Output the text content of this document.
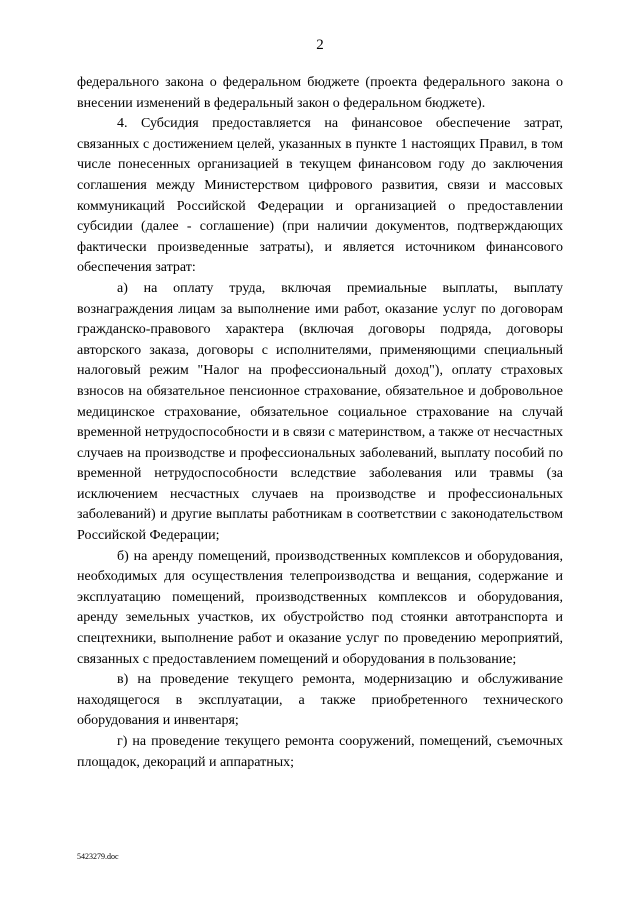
2

федерального закона о федеральном бюджете (проекта федерального закона о внесении изменений в федеральный закон о федеральном бюджете).

4. Субсидия предоставляется на финансовое обеспечение затрат, связанных с достижением целей, указанных в пункте 1 настоящих Правил, в том числе понесенных организацией в текущем финансовом году до заключения соглашения между Министерством цифрового развития, связи и массовых коммуникаций Российской Федерации и организацией о предоставлении субсидии (далее - соглашение) (при наличии документов, подтверждающих фактически произведенные затраты), и является источником финансового обеспечения затрат:

а) на оплату труда, включая премиальные выплаты, выплату вознаграждения лицам за выполнение ими работ, оказание услуг по договорам гражданско-правового характера (включая договоры подряда, договоры авторского заказа, договоры с исполнителями, применяющими специальный налоговый режим "Налог на профессиональный доход"), оплату страховых взносов на обязательное пенсионное страхование, обязательное и добровольное медицинское страхование, обязательное социальное страхование на случай временной нетрудоспособности и в связи с материнством, а также от несчастных случаев на производстве и профессиональных заболеваний, выплату пособий по временной нетрудоспособности вследствие заболевания или травмы (за исключением несчастных случаев на производстве и профессиональных заболеваний) и другие выплаты работникам в соответствии с законодательством Российской Федерации;

б) на аренду помещений, производственных комплексов и оборудования, необходимых для осуществления телепроизводства и вещания, содержание и эксплуатацию помещений, производственных комплексов и оборудования, аренду земельных участков, их обустройство под стоянки автотранспорта и спецтехники, выполнение работ и оказание услуг по проведению мероприятий, связанных с предоставлением помещений и оборудования в пользование;

в) на проведение текущего ремонта, модернизацию и обслуживание находящегося в эксплуатации, а также приобретенного технического оборудования и инвентаря;

г) на проведение текущего ремонта сооружений, помещений, съемочных площадок, декораций и аппаратных;

5423279.doc
